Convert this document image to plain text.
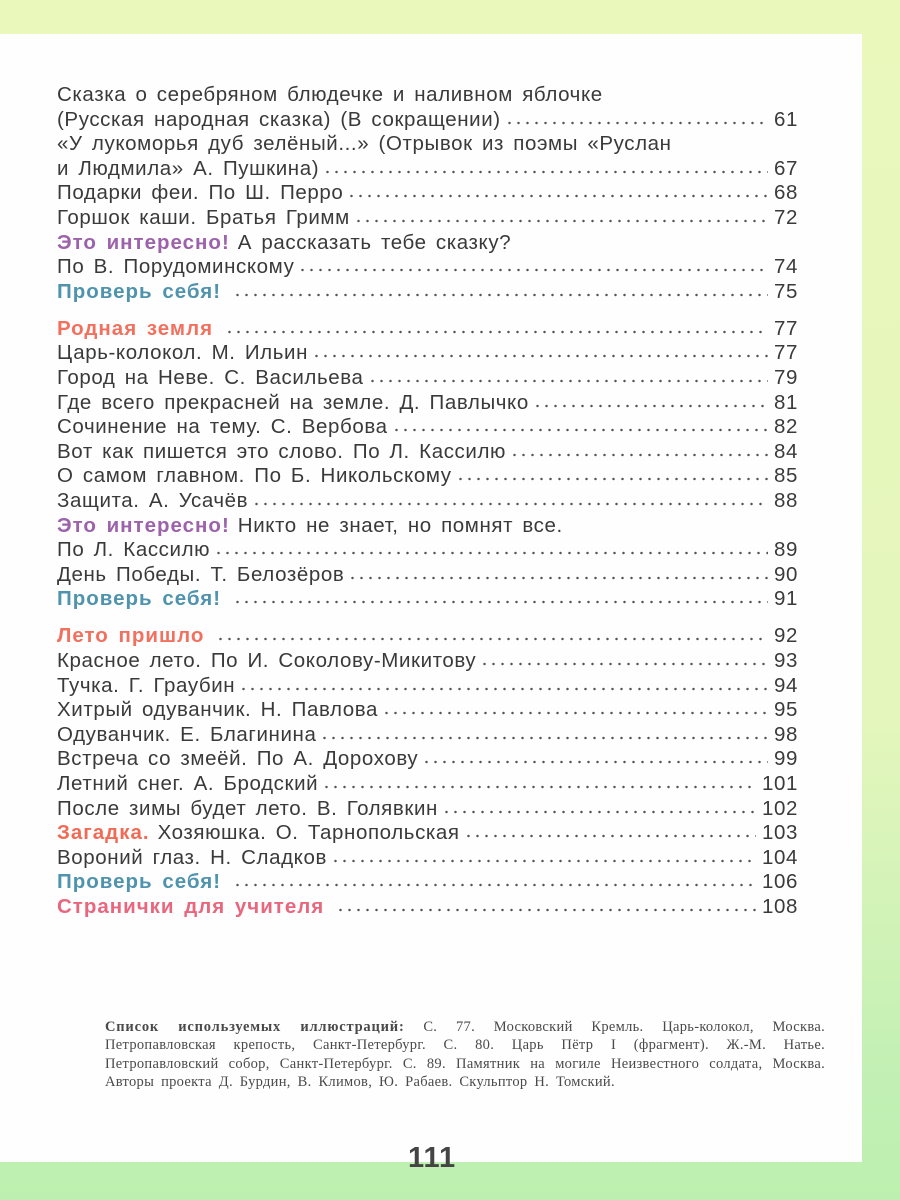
Сказка о серебряном блюдечке и наливном яблочке
(Русская народная сказка) (В сокращении)	61
«У лукоморья дуб зелёный...» (Отрывок из поэмы «Руслан
и Людмила» А. Пушкина)	67
Подарки феи. По Ш. Перро	68
Горшок каши. Братья Гримм	72
Это интересно! А рассказать тебе сказку?
По В. Порудоминскому	74
Проверь себя!	75
Родная земля	77
Царь-колокол. М. Ильин	77
Город на Неве. С. Васильева	79
Где всего прекрасней на земле. Д. Павлычко	81
Сочинение на тему. С. Вербова	82
Вот как пишется это слово. По Л. Кассилю	84
О самом главном. По Б. Никольскому	85
Защита. А. Усачёв	88
Это интересно! Никто не знает, но помнят все.
По Л. Кассилю	89
День Победы. Т. Белозёров	90
Проверь себя!	91
Лето пришло	92
Красное лето. По И. Соколову-Микитову	93
Тучка. Г. Граубин	94
Хитрый одуванчик. Н. Павлова	95
Одуванчик. Е. Благинина	98
Встреча со змеёй. По А. Дорохову	99
Летний снег. А. Бродский	101
После зимы будет лето. В. Голявкин	102
Загадка. Хозяюшка. О. Тарнопольская	103
Вороний глаз. Н. Сладков	104
Проверь себя!	106
Странички для учителя	108
Список используемых иллюстраций: С. 77. Московский Кремль. Царь-колокол, Москва. Петропавловская крепость, Санкт-Петербург. С. 80. Царь Пётр I (фрагмент). Ж.-М. Натье. Петропавловский собор, Санкт-Петербург. С. 89. Памятник на могиле Неизвестного солдата, Москва. Авторы проекта Д. Бурдин, В. Климов, Ю. Рабаев. Скульптор Н. Томский.
111
